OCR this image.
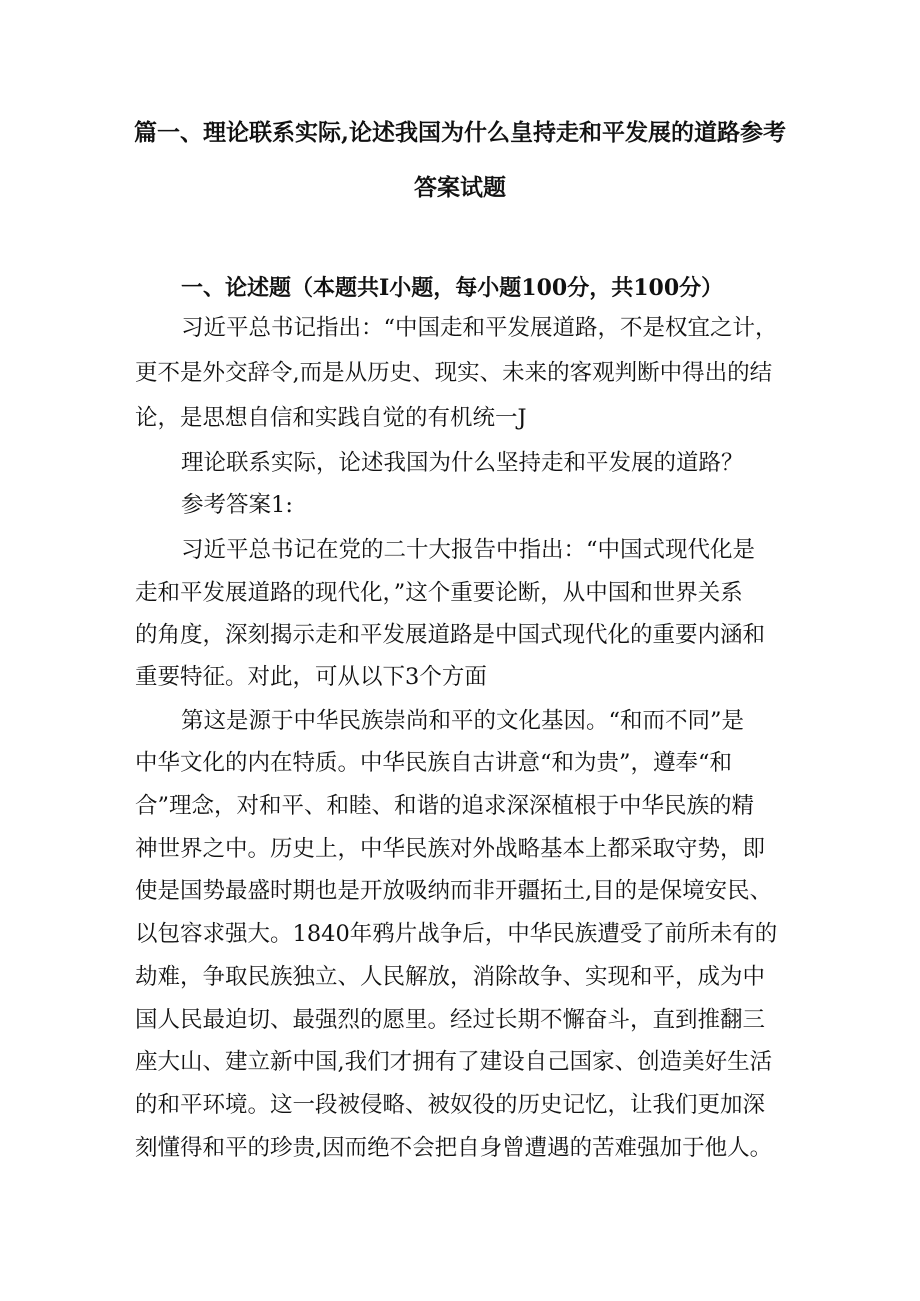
篇一、理论联系实际,论述我国为什么皇持走和平发展的道路参考
答案试题
一、论述题（本题共I小题，每小题100分，共100分）
习近平总书记指出：“中国走和平发展道路，不是权宜之计，
更不是外交辞令,而是从历史、现实、未来的客观判断中得出的结
论，是思想自信和实践自觉的有机统一J
理论联系实际，论述我国为什么坚持走和平发展的道路？
参考答案1:
习近平总书记在党的二十大报告中指出：“中国式现代化是
走和平发展道路的现代化，”这个重要论断，从中国和世界关系
的角度，深刻揭示走和平发展道路是中国式现代化的重要内涵和
重要特征。对此，可从以下3个方面
第这是源于中华民族崇尚和平的文化基因。“和而不同”是
中华文化的内在特质。中华民族自古讲意“和为贵”，遵奉“和
合”理念，对和平、和睦、和谐的追求深深植根于中华民族的精
神世界之中。历史上，中华民族对外战略基本上都采取守势，即
使是国势最盛时期也是开放吸纳而非开疆拓土,目的是保境安民、
以包容求强大。1840年鸦片战争后，中华民族遭受了前所未有的
劫难，争取民族独立、人民解放，消除故争、实现和平，成为中
国人民最迫切、最强烈的愿里。经过长期不懈奋斗，直到推翻三
座大山、建立新中国,我们才拥有了建设自己国家、创造美好生活
的和平环境。这一段被侵略、被奴役的历史记忆，让我们更加深
刻懂得和平的珍贵,因而绝不会把自身曾遭遇的苦难强加于他人。
